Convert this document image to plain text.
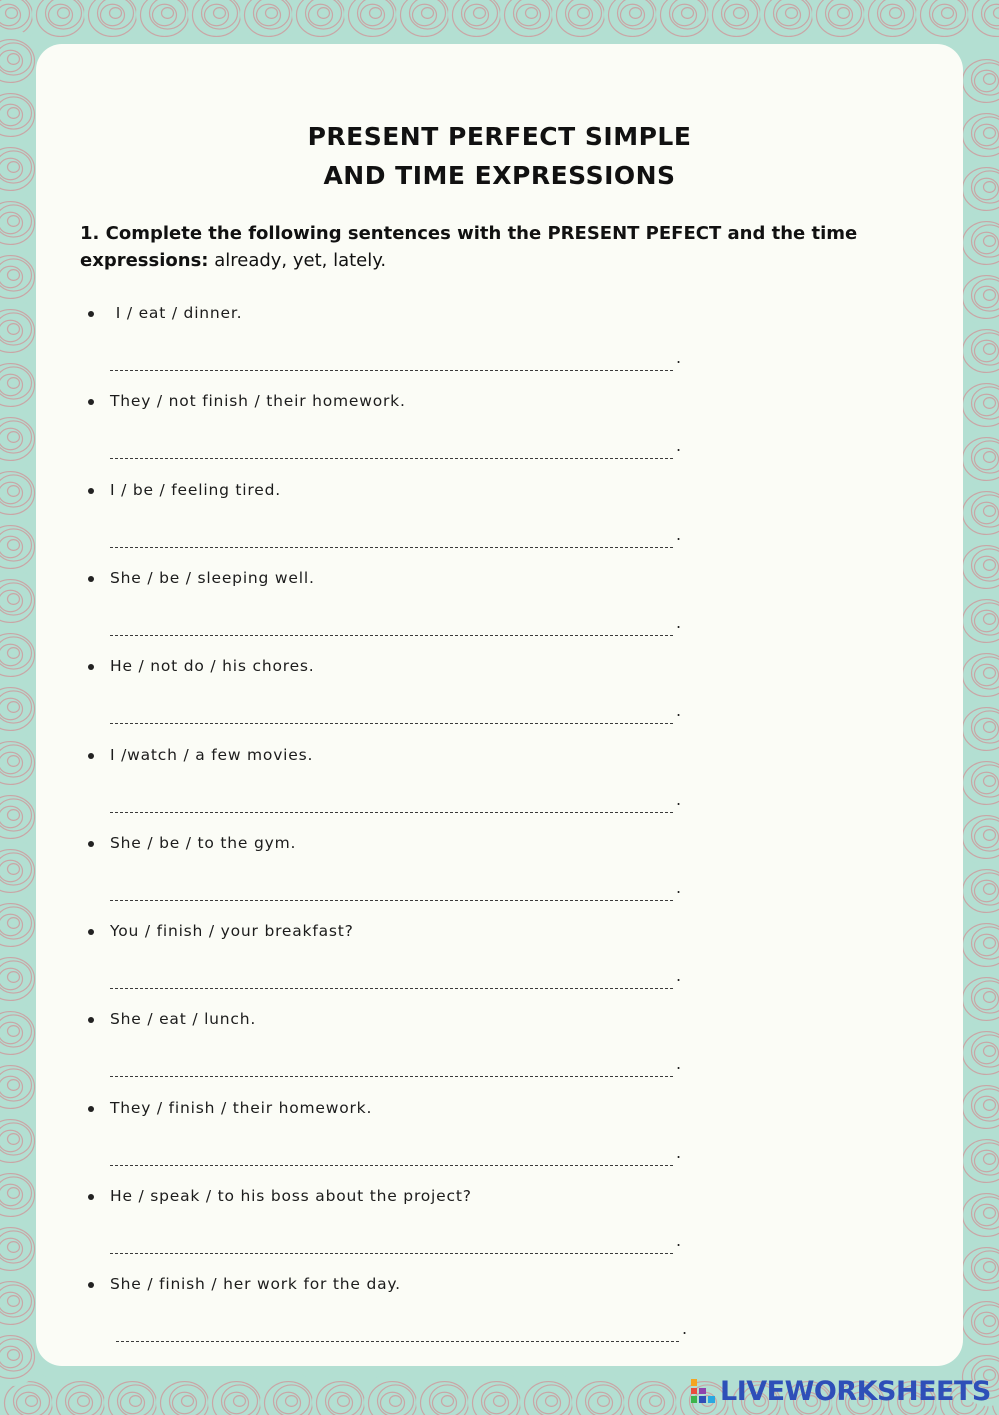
PRESENT PERFECT SIMPLE
AND TIME EXPRESSIONS
1. Complete the following sentences with the PRESENT PEFECT and the time expressions: already, yet, lately.
I / eat / dinner.
.
They / not finish / their homework.
.
I / be / feeling tired.
.
She / be / sleeping well.
.
He / not do / his chores.
.
I /watch / a few movies.
.
She / be / to the gym.
.
You / finish / your breakfast?
.
She / eat / lunch.
.
They / finish / their homework.
.
He / speak / to his boss about the project?
.
She / finish / her work for the day.
.
LIVEWORKSHEETS
